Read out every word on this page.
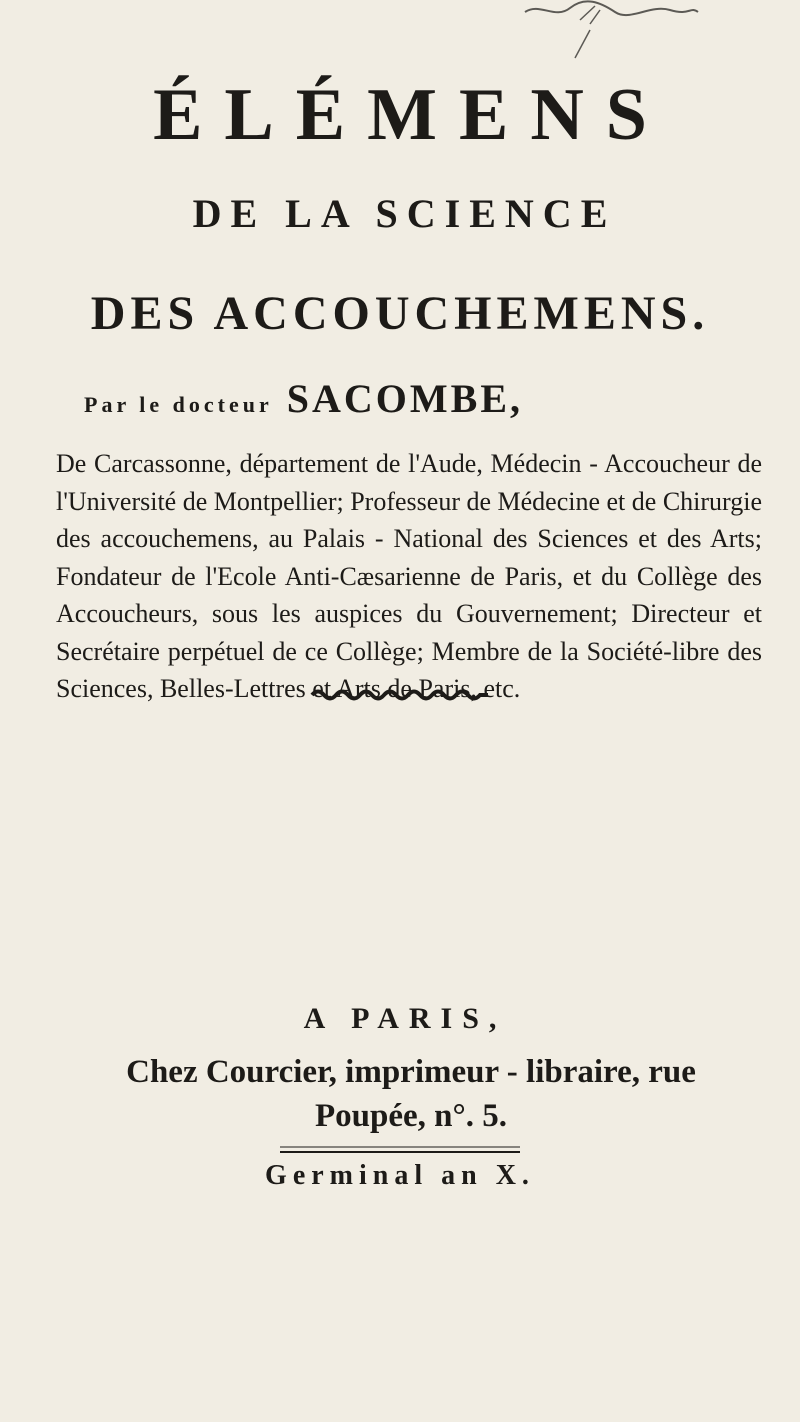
ÉLÉMENS
DE LA SCIENCE
DES ACCOUCHEMENS.
Par le docteur SACOMBE,
De Carcassonne, département de l'Aude, Médecin - Accoucheur de l'Université de Montpellier; Professeur de Médecine et de Chirurgie des accouchemens, au Palais - National des Sciences et des Arts; Fondateur de l'Ecole Anti-Cæsarienne de Paris, et du Collège des Accoucheurs, sous les auspices du Gouvernement; Directeur et Secrétaire perpétuel de ce Collège; Membre de la Société-libre des Sciences, Belles-Lettres et Arts de Paris, etc.
A PARIS,
Chez Courcier, imprimeur - libraire, rue
Poupée, n°. 5.
Germinal an X.
